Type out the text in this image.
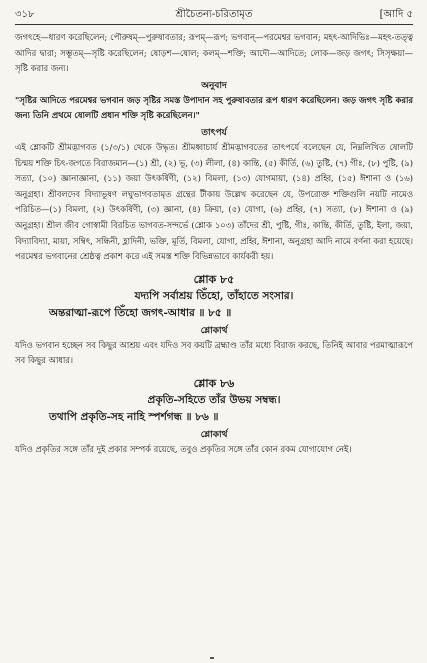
৩১৮	শ্রীচৈতন্য-চরিতামৃত	[আদি ৫

জগৎহে—ধারণ করেছিলেন; পৌরুষম্—পুরুষাবতার; রূপম্—রূপ; ভগবান্—পরমেশ্বর ভগবান; মহৎ-আদিভিঃ—মহৎ-তত্ত্ব আদির দ্বারা; সম্ভূতম্—সৃষ্টি করেছিলেন; ষোড়শ—ষোল; কলম্—শক্তি; আদৌ—আদিতে; লোক—জড় জগৎ; সিসৃক্ষয়া—সৃষ্টি করার জন্য।

অনুবাদ

"সৃষ্টির আদিতে পরমেশ্বর ভগবান জড় সৃষ্টির সমস্ত উপাদান সহ পুরুষাবতার রূপ ধারণ করেছিলেন। জড় জগৎ সৃষ্টি করার জন্য তিনি প্রথমে ষোলটি প্রধান শক্তি সৃষ্টি করেছিলেন।"

তাৎপর্য

এই শ্লোকটি শ্রীমদ্ভাগবত (১/৩/১) থেকে উদ্ধৃত। শ্রীমধ্বাচার্য শ্রীমদ্ভাগবতের তাৎপর্যে বলেছেন যে, নিম্নলিখিত ষোলটি চিন্ময় শক্তি চিৎ-জগতে বিরাজমান—(১) শ্রী, (২) ভূ, (৩) লীলা, (৪) কান্তি, (৫) কীর্তি, (৬) তুষ্টি, (৭) গীঃ, (৮) পুষ্টি, (৯) সত্যা, (১০) জ্ঞানাজ্ঞানা, (১১) জয়া উৎকর্ষিণী, (১২) বিমলা, (১৩) যোগমায়া, (১৪) প্রহ্বি, (১৫) ঈশানা ও (১৬) অনুগ্রহা। শ্রীবলদেব বিদ্যাভূষণ লঘুভাগবতামৃত গ্রন্থের টীকায় উল্লেখ করেছেন যে, উপরোক্ত শক্তিগুলি নয়টি নামেও পরিচিত—(১) বিমলা, (২) উৎকর্ষিণী, (৩) জ্ঞানা, (৪) ক্রিয়া, (৫) যোগা, (৬) প্রহ্বি, (৭) সত্যা, (৮) ঈশানা ও (৯) অনুগ্রহা। শ্রীল জীব গোস্বামী বিরচিত ভাগবত-সন্দর্ভে (শ্লোক ১০৩) তাঁদের শ্রী, পুষ্টি, গীঃ, কান্তি, কীর্তি, তুষ্টি, ইলা, জয়া, বিদ্যাবিদ্যা, মায়া, সম্বিৎ, সন্ধিনী, হ্লাদিনী, ভক্তি, মূর্তি, বিমলা, যোগা, প্রহ্বি, ঈশানা, অনুগ্রহা আদি নামে বর্ণনা করা হয়েছে। পরমেশ্বর ভগবানের শ্রেষ্ঠত্ব প্রকাশ করে এই সমস্ত শক্তি বিভিন্নভাবে কার্যকরী হয়।

শ্লোক ৮৫

যদ্যপি সর্বাশ্রয় তিঁহো, তাঁহাতে সংসার।

অন্তরাত্মা-রূপে তিঁহো জগৎ-আধার ॥ ৮৫ ॥

শ্লোকার্থ

যদিও ভগবান হচ্ছেন সব কিছুর আশ্রয় এবং যদিও সব কয়টি ব্রহ্মাণ্ড তাঁর মধ্যে বিরাজ করছে, তিনিই আবার পরমাত্মারূপে সব কিছুর আধার।

শ্লোক ৮৬

প্রকৃতি-সহিতে তাঁর উভয় সম্বন্ধ।

তথাপি প্রকৃতি-সহ নাহি স্পর্শগন্ধ ॥ ৮৬ ॥

শ্লোকার্থ

যদিও প্রকৃতির সঙ্গে তাঁর দুই প্রকার সম্পর্ক রয়েছে, তবুও প্রকৃতির সঙ্গে তাঁর কোন রকম যোগাযোগ নেই।
